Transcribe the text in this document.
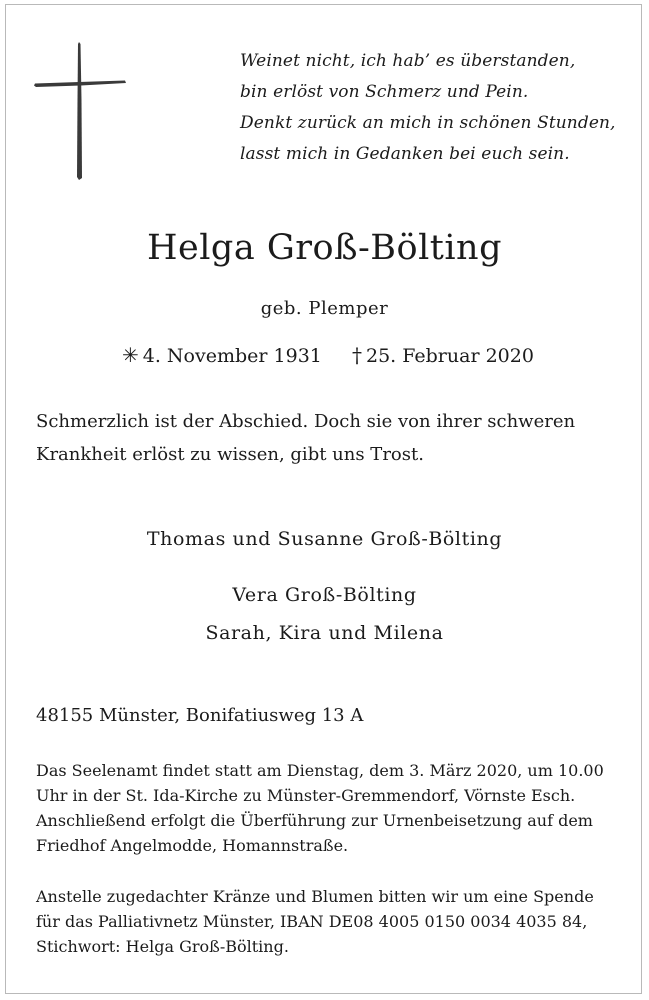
Weinet nicht, ich hab’ es überstanden,
bin erlöst von Schmerz und Pein.
Denkt zurück an mich in schönen Stunden,
lasst mich in Gedanken bei euch sein.
Helga Groß-Bölting
geb. Plemper
✳ 4. November 1931 † 25. Februar 2020
Schmerzlich ist der Abschied. Doch sie von ihrer schweren
Krankheit erlöst zu wissen, gibt uns Trost.
Thomas und Susanne Groß-Bölting
Vera Groß-Bölting
Sarah, Kira und Milena
48155 Münster, Bonifatiusweg 13 A
Das Seelenamt findet statt am Dienstag, dem 3. März 2020, um 10.00
Uhr in der St. Ida-Kirche zu Münster-Gremmendorf, Vörnste Esch.
Anschließend erfolgt die Überführung zur Urnenbeisetzung auf dem
Friedhof Angelmodde, Homannstraße.
Anstelle zugedachter Kränze und Blumen bitten wir um eine Spende
für das Palliativnetz Münster, IBAN DE08 4005 0150 0034 4035 84,
Stichwort: Helga Groß-Bölting.
